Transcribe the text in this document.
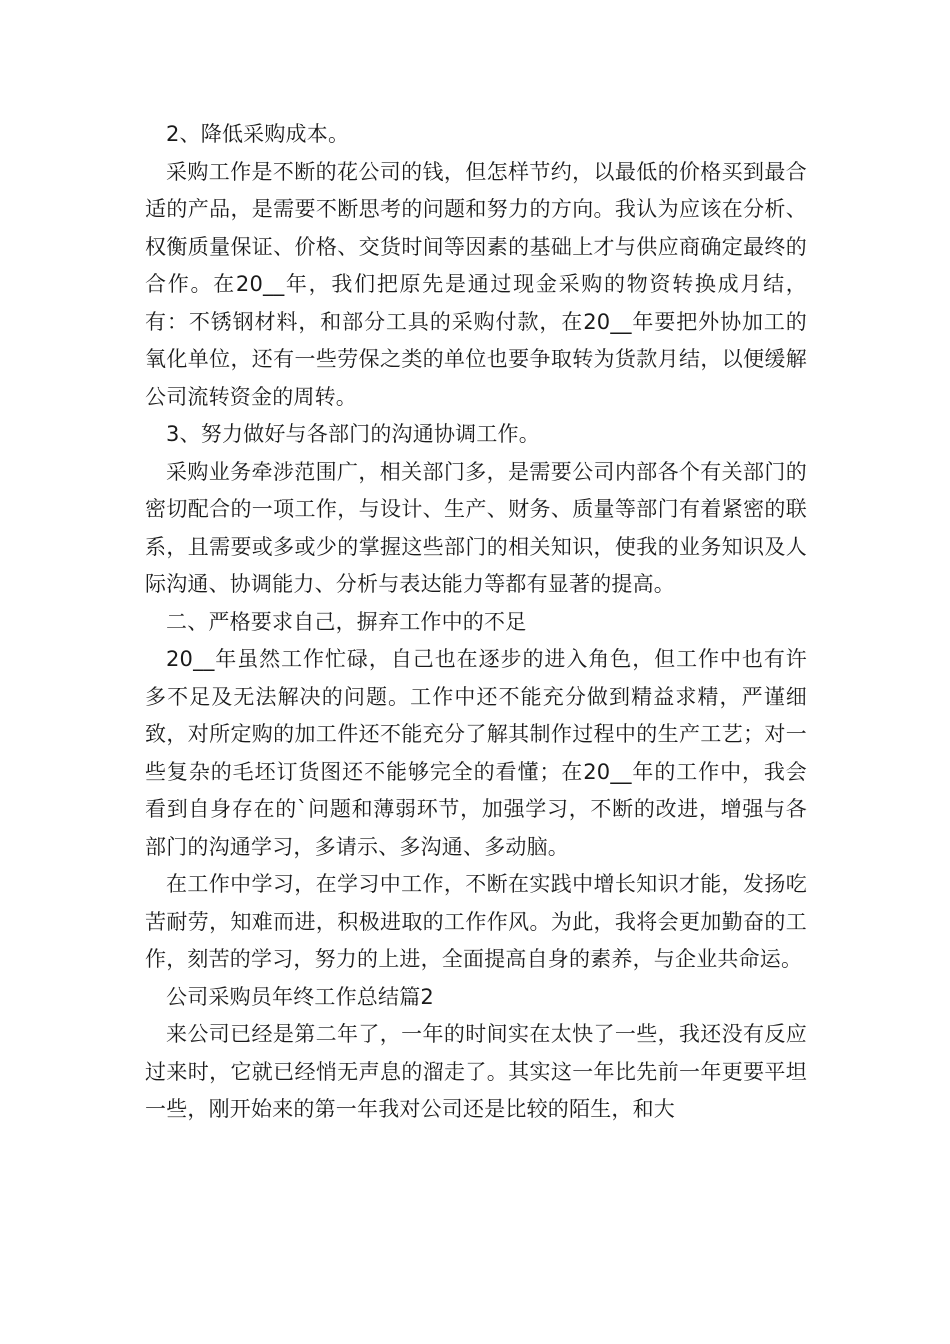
2、降低采购成本。

采购工作是不断的花公司的钱，但怎样节约，以最低的价格买到最合适的产品，是需要不断思考的问题和努力的方向。我认为应该在分析、权衡质量保证、价格、交货时间等因素的基础上才与供应商确定最终的合作。在20__年，我们把原先是通过现金采购的物资转换成月结，有：不锈钢材料，和部分工具的采购付款，在20__年要把外协加工的氧化单位，还有一些劳保之类的单位也要争取转为货款月结，以便缓解公司流转资金的周转。

3、努力做好与各部门的沟通协调工作。

采购业务牵涉范围广，相关部门多，是需要公司内部各个有关部门的密切配合的一项工作，与设计、生产、财务、质量等部门有着紧密的联系，且需要或多或少的掌握这些部门的相关知识，使我的业务知识及人际沟通、协调能力、分析与表达能力等都有显著的提高。

二、严格要求自己，摒弃工作中的不足

20__年虽然工作忙碌，自己也在逐步的进入角色，但工作中也有许多不足及无法解决的问题。工作中还不能充分做到精益求精，严谨细致，对所定购的加工件还不能充分了解其制作过程中的生产工艺；对一些复杂的毛坯订货图还不能够完全的看懂；在20__年的工作中，我会看到自身存在的`问题和薄弱环节，加强学习，不断的改进，增强与各部门的沟通学习，多请示、多沟通、多动脑。

在工作中学习，在学习中工作，不断在实践中增长知识才能，发扬吃苦耐劳，知难而进，积极进取的工作作风。为此，我将会更加勤奋的工作，刻苦的学习，努力的上进，全面提高自身的素养，与企业共命运。

公司采购员年终工作总结篇2

来公司已经是第二年了，一年的时间实在太快了一些，我还没有反应过来时，它就已经悄无声息的溜走了。其实这一年比先前一年更要平坦一些，刚开始来的第一年我对公司还是比较的陌生，和大
